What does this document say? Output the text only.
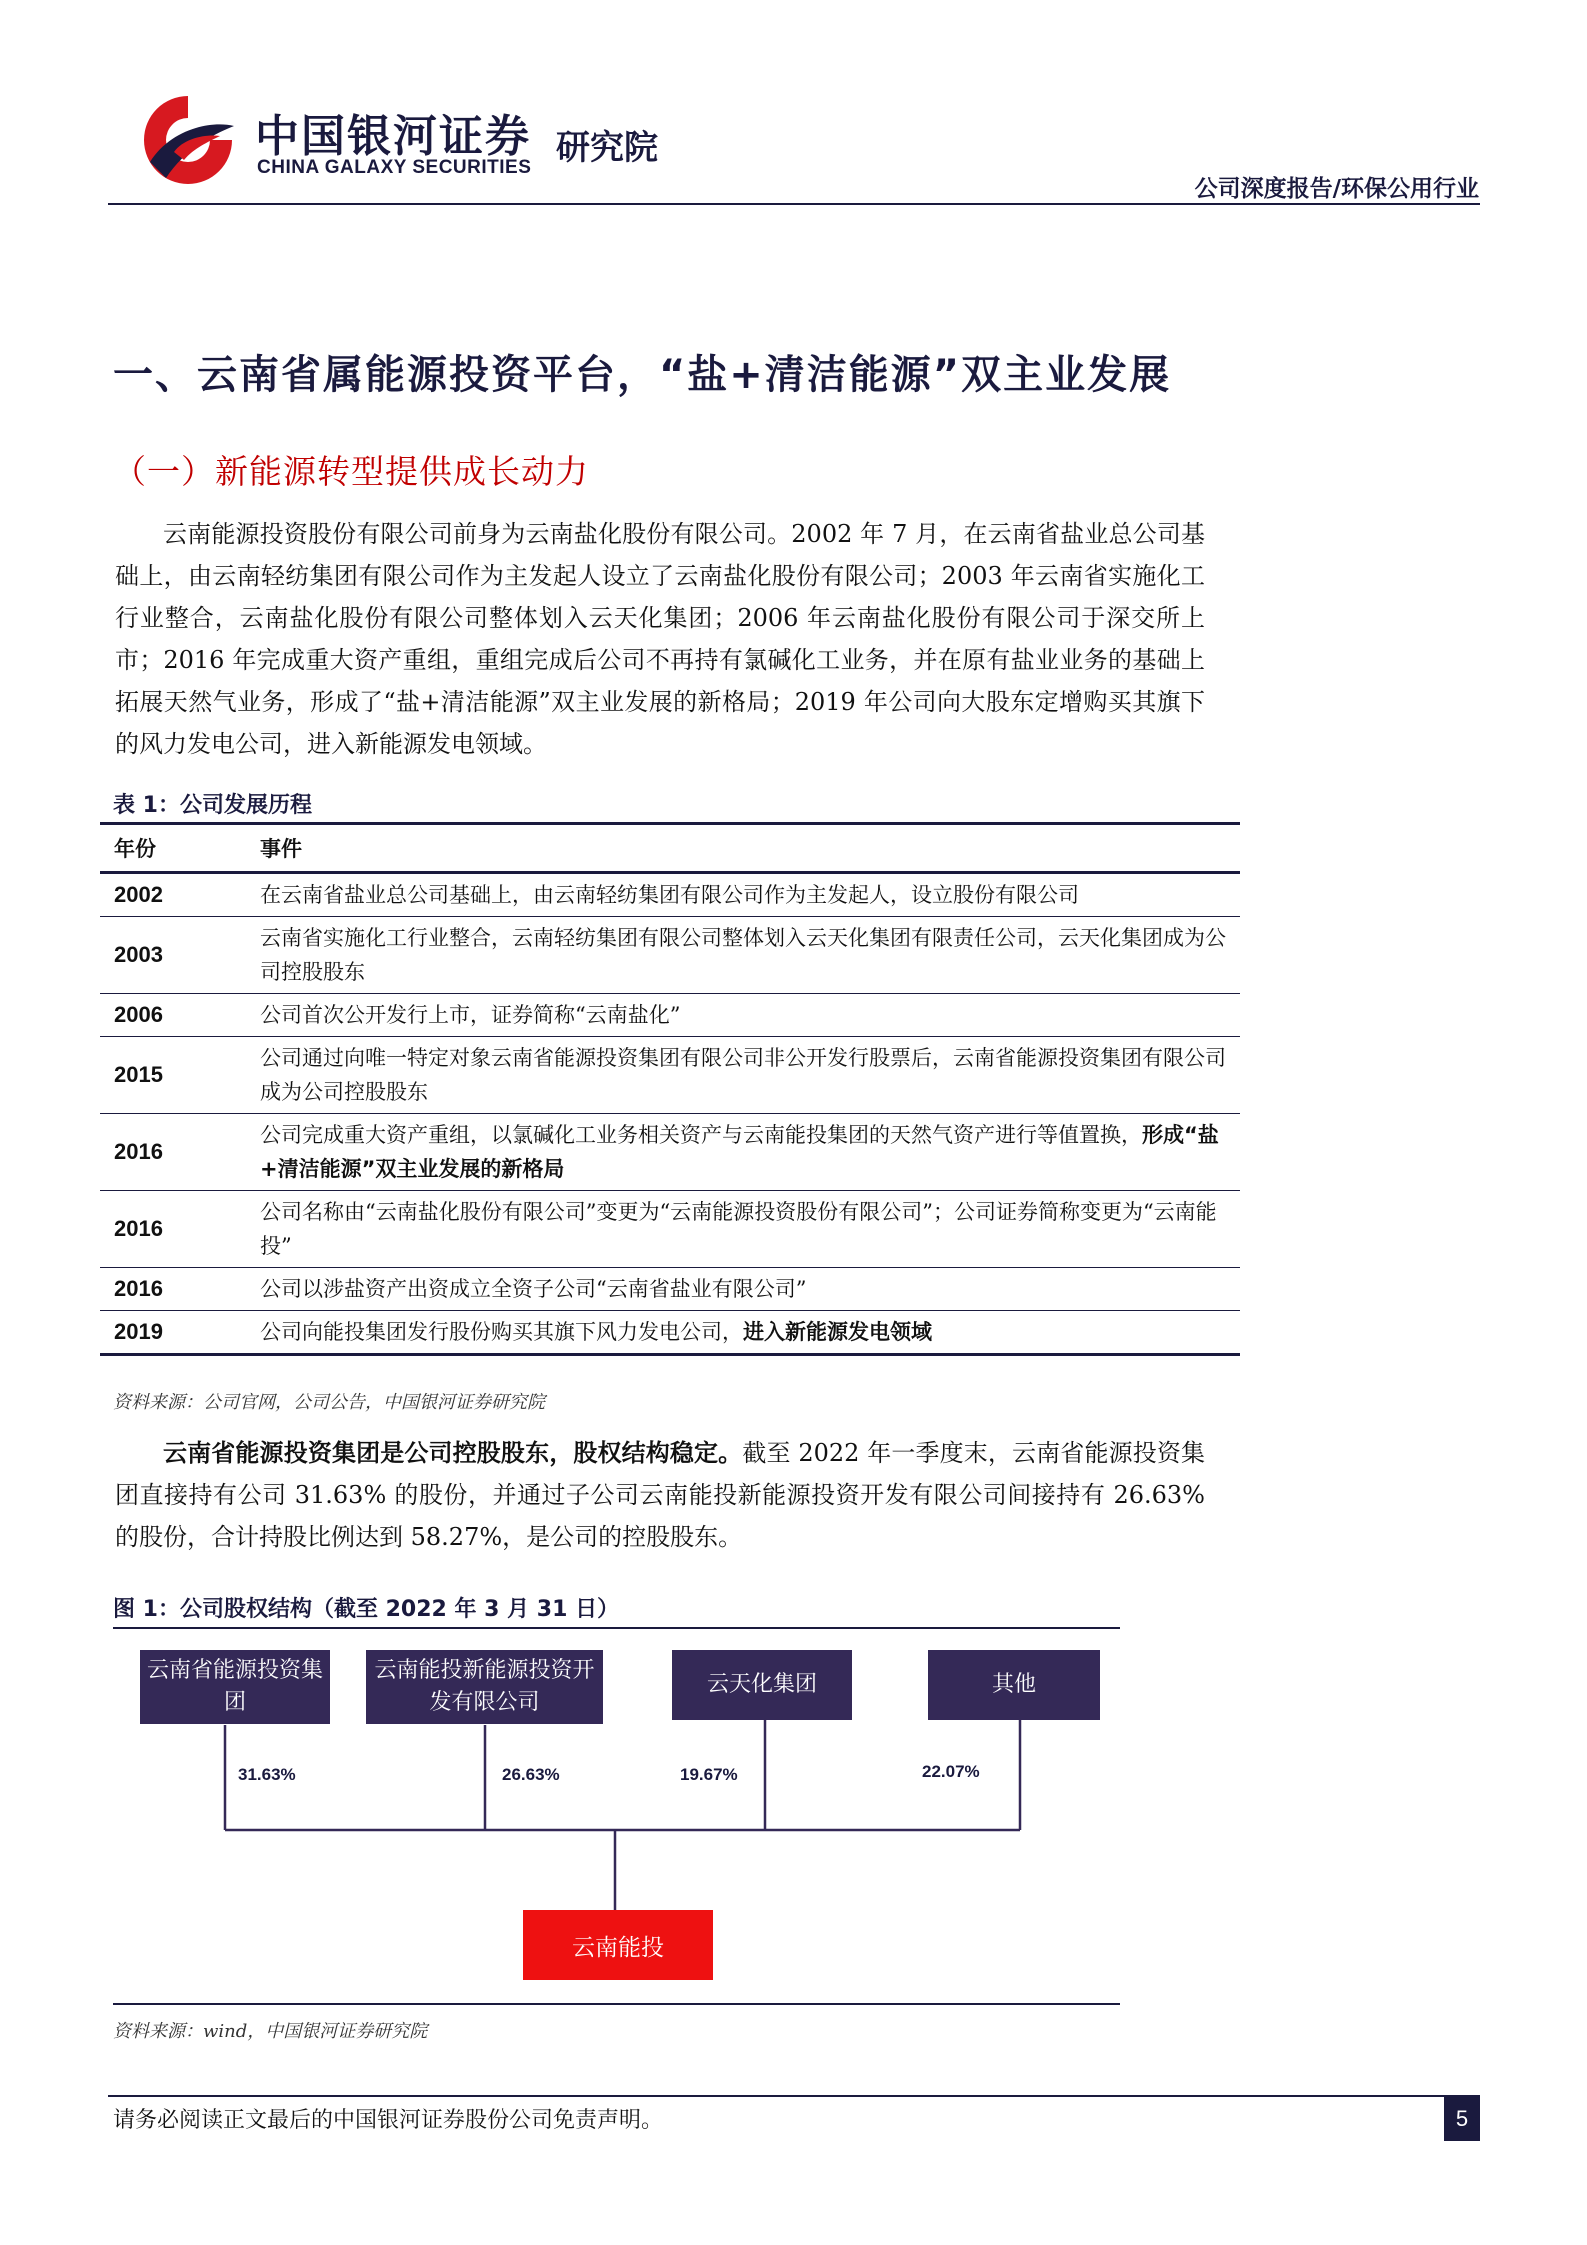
中国银河证券
CHINA GALAXY SECURITIES 研究院
公司深度报告/环保公用行业
一、云南省属能源投资平台，“盐+清洁能源”双主业发展
（一）新能源转型提供成长动力

云南能源投资股份有限公司前身为云南盐化股份有限公司。2002 年 7 月，在云南省盐业总公司基础上，由云南轻纺集团有限公司作为主发起人设立了云南盐化股份有限公司；2003 年云南省实施化工行业整合，云南盐化股份有限公司整体划入云天化集团；2006 年云南盐化股份有限公司于深交所上市；2016 年完成重大资产重组，重组完成后公司不再持有氯碱化工业务，并在原有盐业业务的基础上拓展天然气业务，形成了“盐+清洁能源”双主业发展的新格局；2019 年公司向大股东定增购买其旗下的风力发电公司，进入新能源发电领域。

表 1：公司发展历程
年份	事件
2002	在云南省盐业总公司基础上，由云南轻纺集团有限公司作为主发起人，设立股份有限公司
2003	云南省实施化工行业整合，云南轻纺集团有限公司整体划入云天化集团有限责任公司，云天化集团成为公司控股股东
2006	公司首次公开发行上市，证券简称“云南盐化”
2015	公司通过向唯一特定对象云南省能源投资集团有限公司非公开发行股票后，云南省能源投资集团有限公司成为公司控股股东
2016	公司完成重大资产重组，以氯碱化工业务相关资产与云南能投集团的天然气资产进行等值置换，形成“盐+清洁能源”双主业发展的新格局
2016	公司名称由“云南盐化股份有限公司”变更为“云南能源投资股份有限公司”；公司证券简称变更为“云南能投”
2016	公司以涉盐资产出资成立全资子公司“云南省盐业有限公司”
2019	公司向能投集团发行股份购买其旗下风力发电公司，进入新能源发电领域
资料来源：公司官网，公司公告，中国银河证券研究院

云南省能源投资集团是公司控股股东，股权结构稳定。截至 2022 年一季度末，云南省能源投资集团直接持有公司 31.63% 的股份，并通过子公司云南能投新能源投资开发有限公司间接持有 26.63%的股份，合计持股比例达到 58.27%，是公司的控股股东。

图 1：公司股权结构（截至 2022 年 3 月 31 日）
云南省能源投资集团
云南能投新能源投资开发有限公司
云天化集团	其他
31.63%	26.63%	19.67%	22.07%
云南能投
资料来源：wind，中国银河证券研究院
请务必阅读正文最后的中国银河证券股份公司免责声明。	5
